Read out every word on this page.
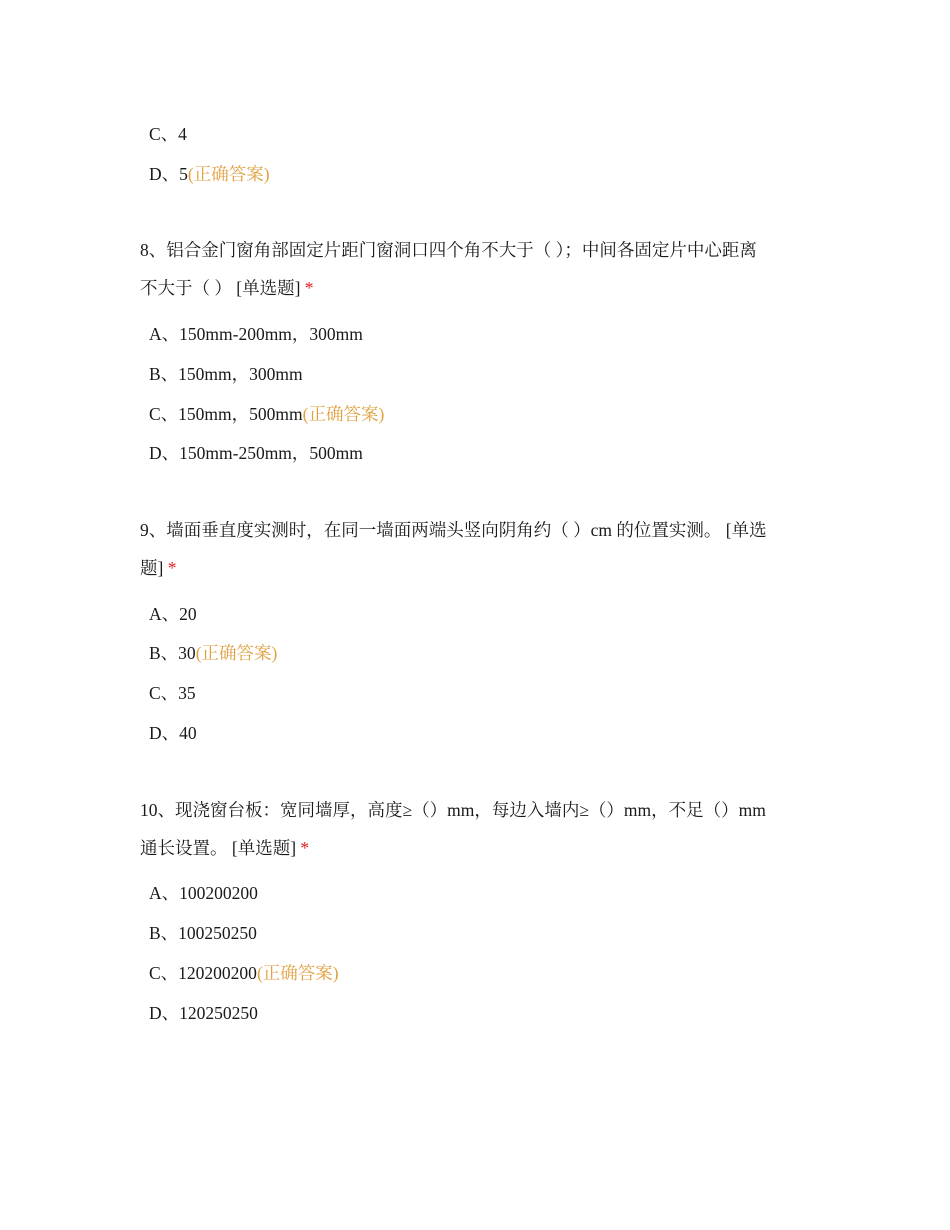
C、4
D、5(正确答案)
8、铝合金门窗角部固定片距门窗洞口四个角不大于（ ）；中间各固定片中心距离
不大于（ ） [单选题] *
A、150mm-200mm，300mm
B、150mm，300mm
C、150mm，500mm(正确答案)
D、150mm-250mm，500mm
9、墙面垂直度实测时，在同一墙面两端头竖向阴角约（ ）cm 的位置实测。 [单选
题] *
A、20
B、30(正确答案)
C、35
D、40
10、现浇窗台板：宽同墙厚，高度≥（）mm，每边入墙内≥（）mm，不足（）mm
通长设置。 [单选题] *
A、100200200
B、100250250
C、120200200(正确答案)
D、120250250
